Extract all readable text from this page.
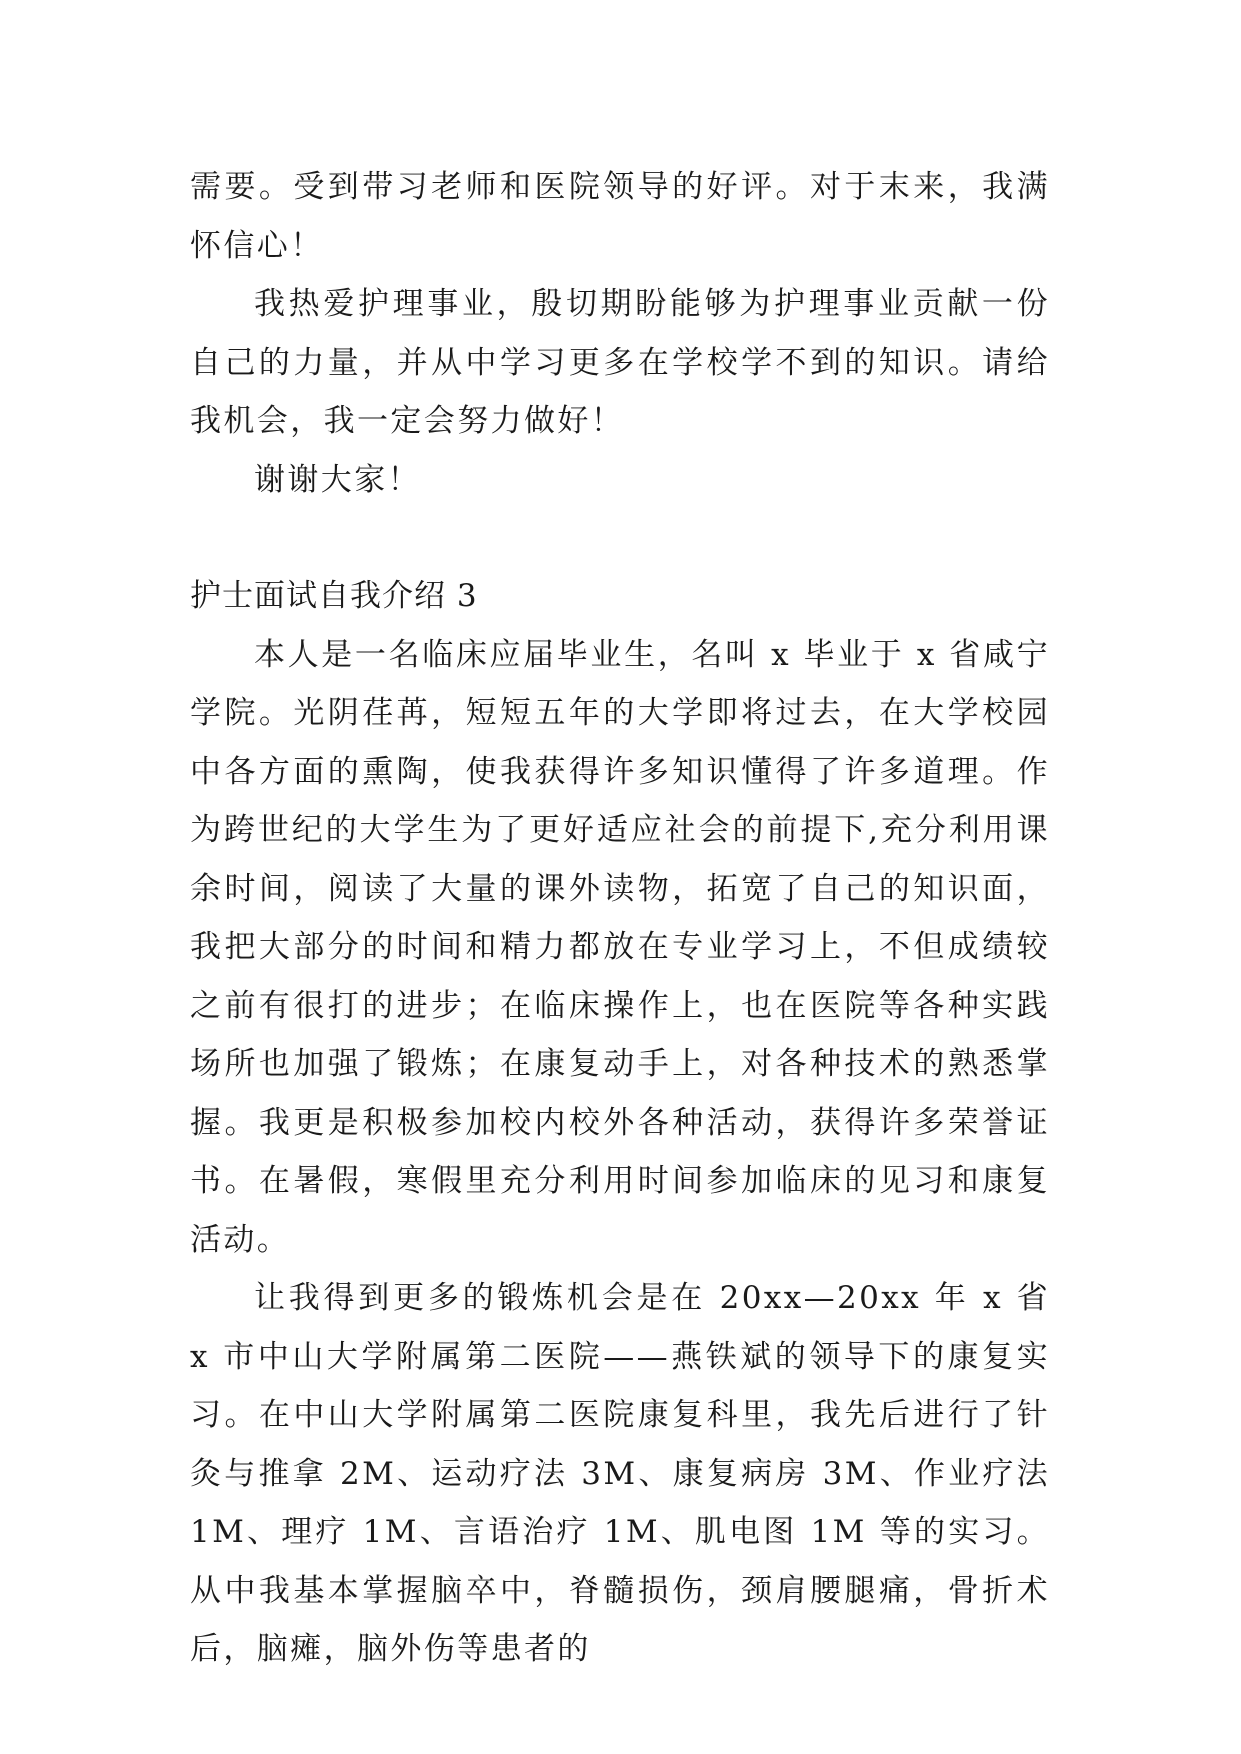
需要。受到带习老师和医院领导的好评。对于末来，我满怀信心！

我热爱护理事业，殷切期盼能够为护理事业贡献一份自己的力量，并从中学习更多在学校学不到的知识。请给我机会，我一定会努力做好！

谢谢大家！

护士面试自我介绍 3

本人是一名临床应届毕业生，名叫 x 毕业于 x 省咸宁学院。光阴荏苒，短短五年的大学即将过去，在大学校园中各方面的熏陶，使我获得许多知识懂得了许多道理。作为跨世纪的大学生为了更好适应社会的前提下,充分利用课余时间，阅读了大量的课外读物，拓宽了自己的知识面，我把大部分的时间和精力都放在专业学习上，不但成绩较之前有很打的进步；在临床操作上，也在医院等各种实践场所也加强了锻炼；在康复动手上，对各种技术的熟悉掌握。我更是积极参加校内校外各种活动，获得许多荣誉证书。在暑假，寒假里充分利用时间参加临床的见习和康复活动。

让我得到更多的锻炼机会是在 20xx—20xx 年 x 省 x 市中山大学附属第二医院——燕铁斌的领导下的康复实习。在中山大学附属第二医院康复科里，我先后进行了针灸与推拿 2M、运动疗法 3M、康复病房 3M、作业疗法 1M、理疗 1M、言语治疗 1M、肌电图 1M 等的实习。从中我基本掌握脑卒中，脊髓损伤，颈肩腰腿痛，骨折术后，脑瘫，脑外伤等患者的
